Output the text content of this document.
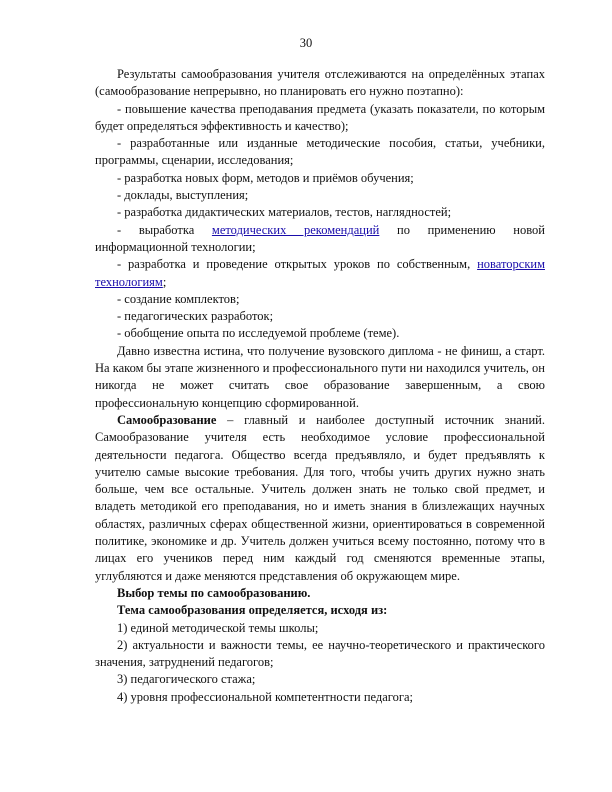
30

Результаты самообразования учителя отслеживаются на определённых этапах (самообразование непрерывно, но планировать его нужно поэтапно):

- повышение качества преподавания предмета (указать показатели, по которым будет определяться эффективность и качество);

- разработанные или изданные методические пособия, статьи, учебники, программы, сценарии, исследования;

- разработка новых форм, методов и приёмов обучения;

- доклады, выступления;

- разработка дидактических материалов, тестов, наглядностей;

- выработка методических рекомендаций по применению новой информационной технологии;

- разработка и проведение открытых уроков по собственным, новаторским технологиям;

- создание комплектов;

- педагогических разработок;

- обобщение опыта по исследуемой проблеме (теме).

Давно известна истина, что получение вузовского диплома - не финиш, а старт. На каком бы этапе жизненного и профессионального пути ни находился учитель, он никогда не может считать свое образование завершенным, а свою профессиональную концепцию сформированной.

Самообразование – главный и наиболее доступный источник знаний. Самообразование учителя есть необходимое условие профессиональной деятельности педагога. Общество всегда предъявляло, и будет предъявлять к учителю самые высокие требования. Для того, чтобы учить других нужно знать больше, чем все остальные. Учитель должен знать не только свой предмет, и владеть методикой его преподавания, но и иметь знания в близлежащих научных областях, различных сферах общественной жизни, ориентироваться в современной политике, экономике и др. Учитель должен учиться всему постоянно, потому что в лицах его учеников перед ним каждый год сменяются временные этапы, углубляются и даже меняются представления об окружающем мире.

Выбор темы по самообразованию.

Тема самообразования определяется, исходя из:

1) единой методической темы школы;

2) актуальности и важности темы, ее научно-теоретического и практического значения, затруднений педагогов;

3) педагогического стажа;

4) уровня профессиональной компетентности педагога;
